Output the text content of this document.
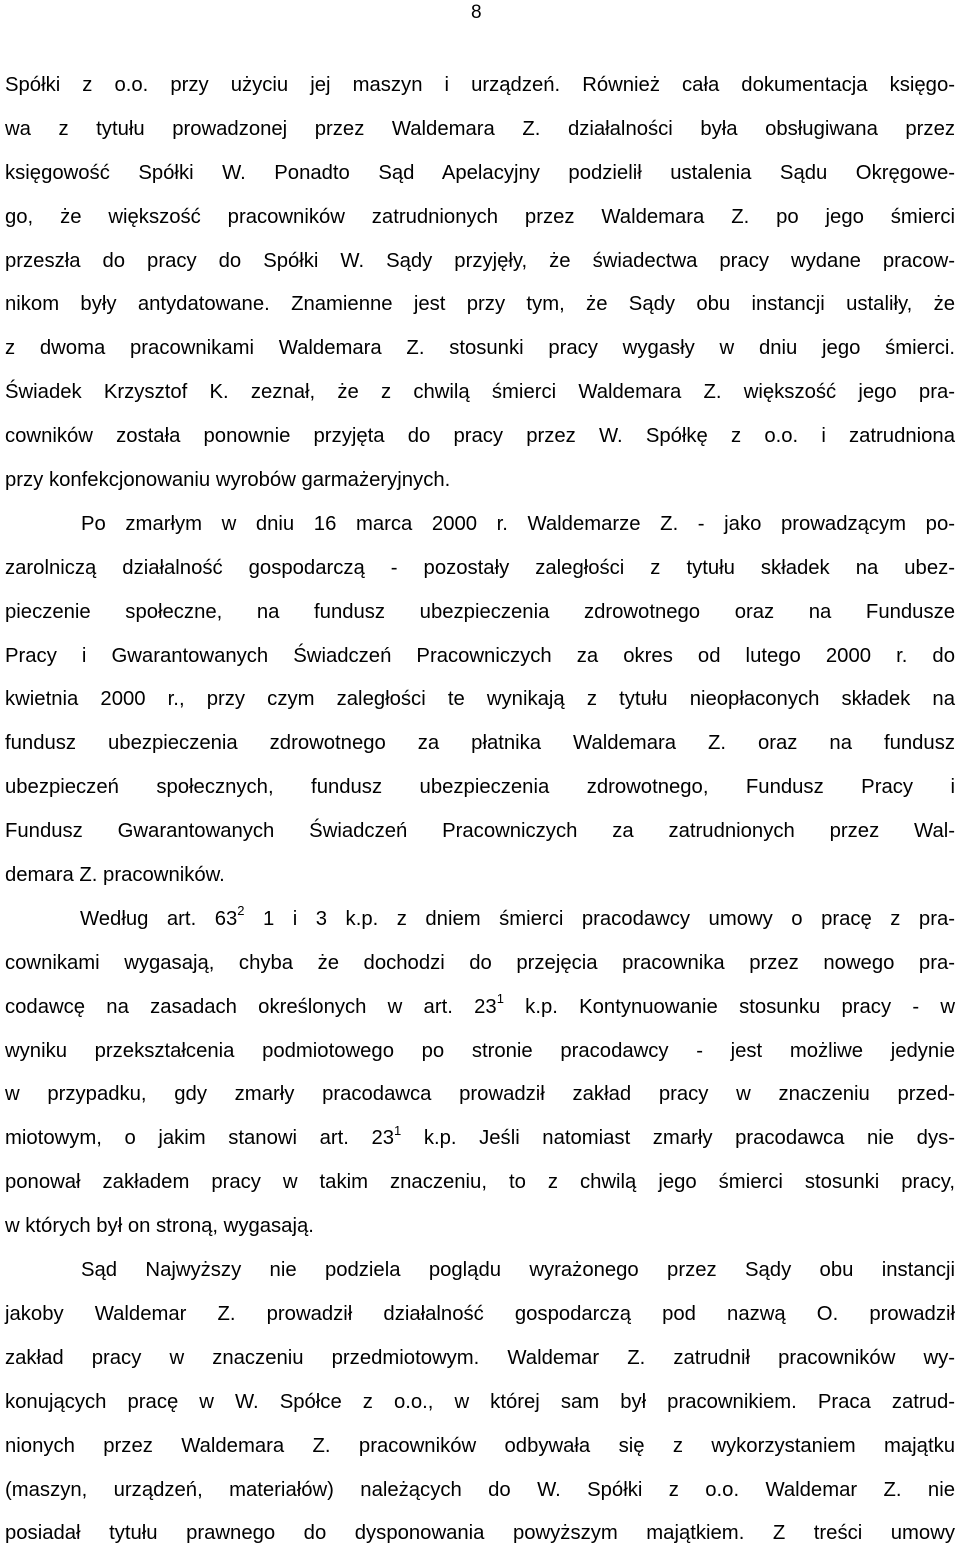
8
Spółki z o.o. przy użyciu jej maszyn i urządzeń. Również cała dokumentacja księgo-
wa z tytułu prowadzonej przez Waldemara Z. działalności była obsługiwana przez
księgowość Spółki W. Ponadto Sąd Apelacyjny podzielił ustalenia Sądu Okręgowe-
go, że większość pracowników zatrudnionych przez Waldemara Z. po jego śmierci
przeszła do pracy do Spółki W. Sądy przyjęły, że świadectwa pracy wydane pracow-
nikom były antydatowane. Znamienne jest przy tym, że Sądy obu instancji ustaliły, że
z dwoma pracownikami Waldemara Z. stosunki pracy wygasły w dniu jego śmierci.
Świadek Krzysztof K. zeznał, że z chwilą śmierci Waldemara Z. większość jego pra-
cowników została ponownie przyjęta do pracy przez W. Spółkę z o.o. i zatrudniona
przy konfekcjonowaniu wyrobów garmażeryjnych.
Po zmarłym w dniu 16 marca 2000 r. Waldemarze Z. - jako prowadzącym po-
zarolniczą działalność gospodarczą - pozostały zaległości z tytułu składek na ubez-
pieczenie społeczne, na fundusz ubezpieczenia zdrowotnego oraz na Fundusze
Pracy i Gwarantowanych Świadczeń Pracowniczych za okres od lutego 2000 r. do
kwietnia 2000 r., przy czym zaległości te wynikają z tytułu nieopłaconych składek na
fundusz ubezpieczenia zdrowotnego za płatnika Waldemara Z. oraz na fundusz
ubezpieczeń społecznych, fundusz ubezpieczenia zdrowotnego, Fundusz Pracy i
Fundusz Gwarantowanych Świadczeń Pracowniczych za zatrudnionych przez Wal-
demara Z. pracowników.
Według art. $63^2$ 1 i 3 k.p. z dniem śmierci pracodawcy umowy o pracę z pra-
cownikami wygasają, chyba że dochodzi do przejęcia pracownika przez nowego pra-
codawcę na zasadach określonych w art. $23^1$ k.p. Kontynuowanie stosunku pracy - w
wyniku przekształcenia podmiotowego po stronie pracodawcy - jest możliwe jedynie
w przypadku, gdy zmarły pracodawca prowadził zakład pracy w znaczeniu przed-
miotowym, o jakim stanowi art. $23^1$ k.p. Jeśli natomiast zmarły pracodawca nie dys-
ponował zakładem pracy w takim znaczeniu, to z chwilą jego śmierci stosunki pracy,
w których był on stroną, wygasają.
Sąd Najwyższy nie podziela poglądu wyrażonego przez Sądy obu instancji
jakoby Waldemar Z. prowadził działalność gospodarczą pod nazwą O. prowadził
zakład pracy w znaczeniu przedmiotowym. Waldemar Z. zatrudnił pracowników wy-
konujących pracę w W. Spółce z o.o., w której sam był pracownikiem. Praca zatrud-
nionych przez Waldemara Z. pracowników odbywała się z wykorzystaniem majątku
(maszyn, urządzeń, materiałów) należących do W. Spółki z o.o. Waldemar Z. nie
posiadał tytułu prawnego do dysponowania powyższym majątkiem. Z treści umowy
